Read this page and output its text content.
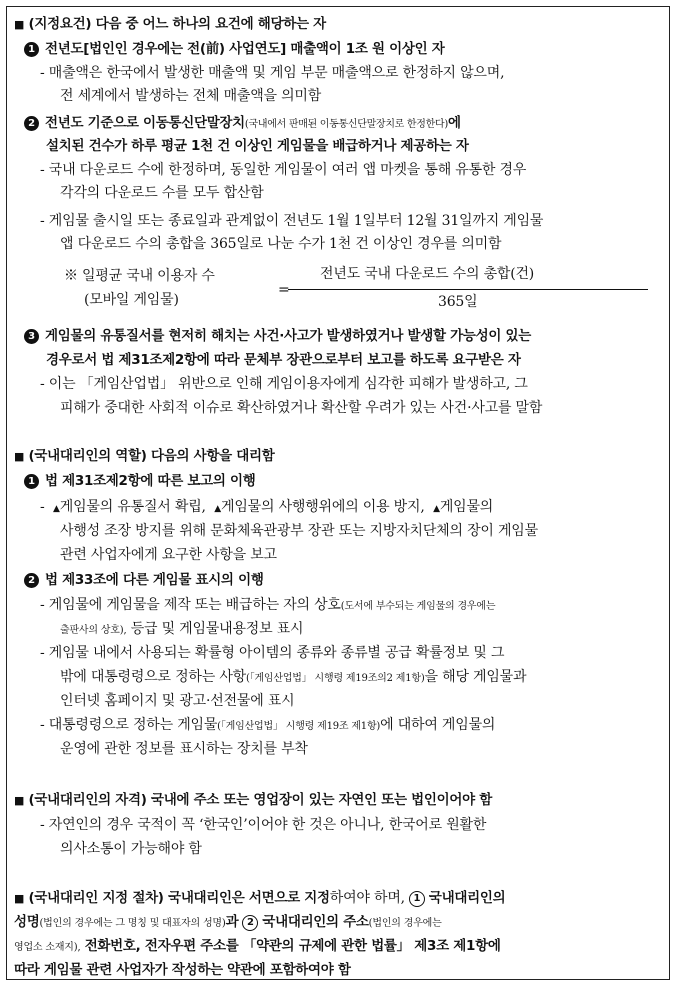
■ (지정요건) 다음 중 어느 하나의 요건에 해당하는 자
1 전년도[법인인 경우에는 전(前) 사업연도] 매출액이 1조 원 이상인 자
- 매출액은 한국에서 발생한 매출액 및 게임 부문 매출액으로 한정하지 않으며,
전 세계에서 발생하는 전체 매출액을 의미함
2 전년도 기준으로 이동통신단말장치(국내에서 판매된 이동통신단말장치로 한정한다)에
설치된 건수가 하루 평균 1천 건 이상인 게임물을 배급하거나 제공하는 자
- 국내 다운로드 수에 한정하며, 동일한 게임물이 여러 앱 마켓을 통해 유통한 경우
각각의 다운로드 수를 모두 합산함
- 게임물 출시일 또는 종료일과 관계없이 전년도 1월 1일부터 12월 31일까지 게임물
앱 다운로드 수의 총합을 365일로 나눈 수가 1천 건 이상인 경우를 의미함
※ 일평균 국내 이용자 수
(모바일 게임물)
=
전년도 국내 다운로드 수의 총합(건)
365일
3 게임물의 유통질서를 현저히 해치는 사건·사고가 발생하였거나 발생할 가능성이 있는
경우로서 법 제31조제2항에 따라 문체부 장관으로부터 보고를 하도록 요구받은 자
- 이는 「게임산업법」 위반으로 인해 게임이용자에게 심각한 피해가 발생하고, 그
피해가 중대한 사회적 이슈로 확산하였거나 확산할 우려가 있는 사건·사고를 말함
■ (국내대리인의 역할) 다음의 사항을 대리함
1 법 제31조제2항에 따른 보고의 이행
- ▲게임물의 유통질서 확립, ▲게임물의 사행행위에의 이용 방지, ▲게임물의
사행성 조장 방지를 위해 문화체육관광부 장관 또는 지방자치단체의 장이 게임물
관련 사업자에게 요구한 사항을 보고
2 법 제33조에 다른 게임물 표시의 이행
- 게임물에 게임물을 제작 또는 배급하는 자의 상호(도서에 부수되는 게임물의 경우에는
출판사의 상호), 등급 및 게임물내용정보 표시
- 게임물 내에서 사용되는 확률형 아이템의 종류와 종류별 공급 확률정보 및 그
밖에 대통령령으로 정하는 사항(「게임산업법」 시행령 제19조의2 제1항)을 해당 게임물과
인터넷 홈페이지 및 광고·선전물에 표시
- 대통령령으로 정하는 게임물(「게임산업법」 시행령 제19조 제1항)에 대하여 게임물의
운영에 관한 정보를 표시하는 장치를 부착
■ (국내대리인의 자격) 국내에 주소 또는 영업장이 있는 자연인 또는 법인이어야 함
- 자연인의 경우 국적이 꼭 ‘한국인’이어야 한 것은 아니나, 한국어로 원활한
의사소통이 가능해야 함
■ (국내대리인 지정 절차) 국내대리인은 서면으로 지정하여야 하며, 1 국내대리인의
성명(법인의 경우에는 그 명칭 및 대표자의 성명)과 2 국내대리인의 주소(법인의 경우에는
영업소 소재지), 전화번호, 전자우편 주소를 「약관의 규제에 관한 법률」 제3조 제1항에
따라 게임물 관련 사업자가 작성하는 약관에 포함하여야 함
